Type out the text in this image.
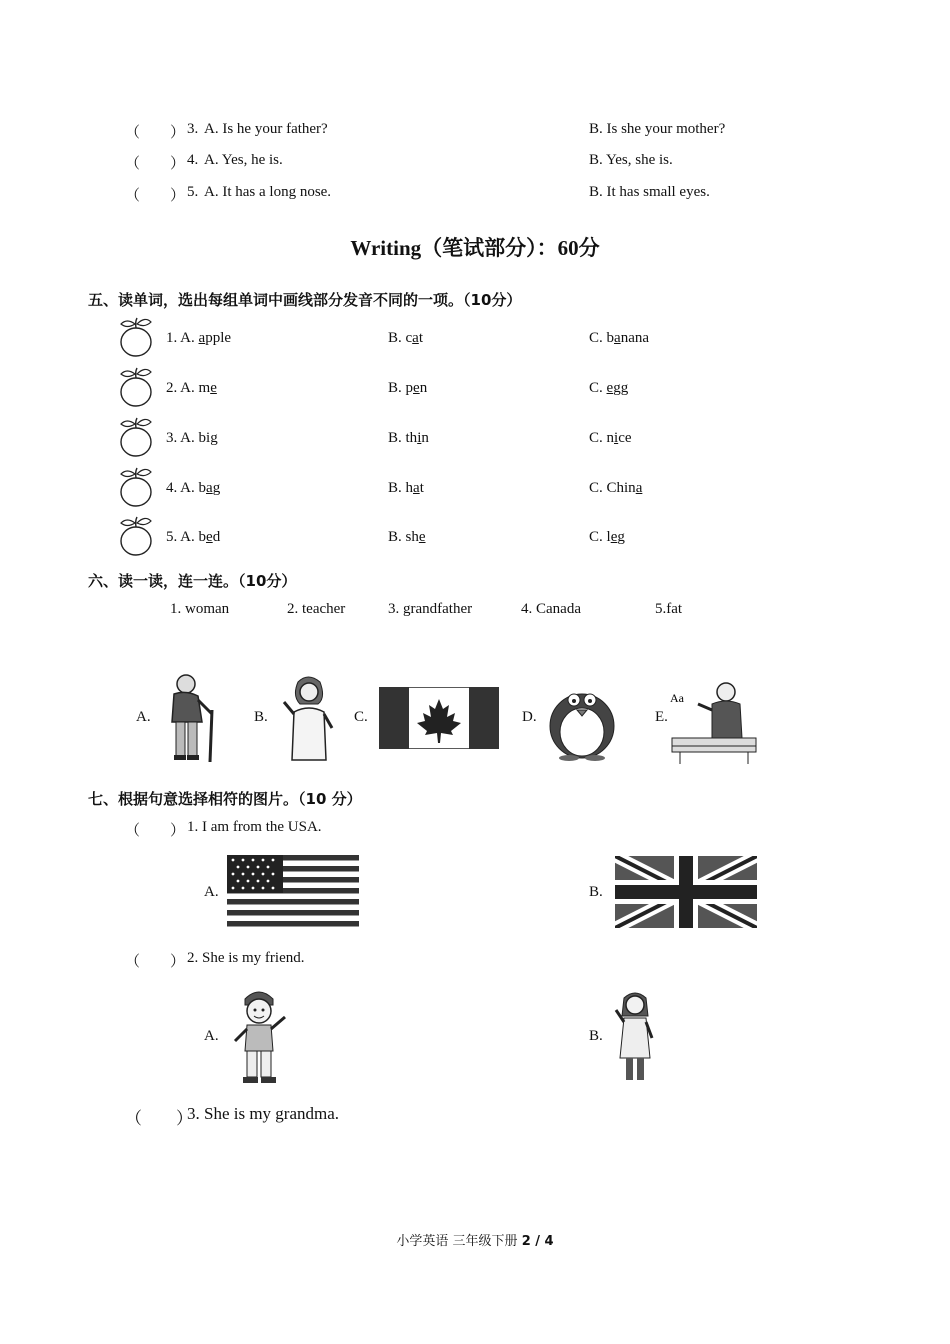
（　　） 3. A. Is he your father?	B. Is she your mother?
（　　） 4. A. Yes, he is.	B. Yes, she is.
（　　） 5. A. It has a long nose.	B. It has small eyes.
Writing（笔试部分）：60分
五、读单词，选出每组单词中画线部分发音不同的一项。（10分）
1. A. apple	B. cat	C. banana
2. A. me	B. pen	C. egg
3. A. big	B. thin	C. nice
4. A. bag	B. hat	C. China
5. A. bed	B. she	C. leg
六、读一读，连一连。（10分）
1. woman	2. teacher	3. grandfather	4. Canada	5.fat
A.	B.	C.	D.	E.
Aa
七、根据句意选择相符的图片。（10 分）
（　　） 1. I am from the USA.
A.	B.
（　　） 2. She is my friend.
A.	B.
（　　）
3. She is my grandma.
小学英语 三年级下册 2 / 4
